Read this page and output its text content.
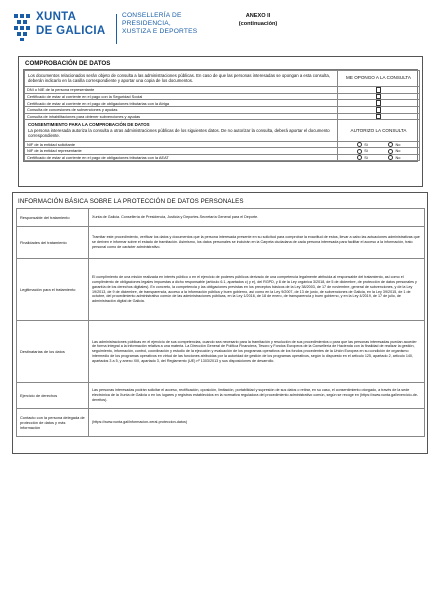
XUNTA
DE GALICIA
CONSELLERÍA DE
PRESIDENCIA,
XUSTIZA E DEPORTES
ANEXO II
(continuación)
COMPROBACIÓN DE DATOS
Los documentos relacionados serán objeto de consulta a las administraciones públicas. En caso de que las personas interesadas se opongan a esta consulta, deberán indicarlo en la casilla correspondiente y aportar una copia de los documentos.	ME OPONGO A LA CONSULTA
DNI o NIE de la persona representante	
Certificado de estar al corriente en el pago con la Seguridad Social	
Certificado de estar al corriente en el pago de obligaciones tributarias con la Atriga	
Consulta de concesiones de subvenciones y ayudas	
Consulta de inhabilitaciones para obtener subvenciones y ayudas	

CONSENTIMIENTO PARA LA COMPROBACIÓN DE DATOS
La persona interesada autoriza la consulta a otras administraciones públicas de los siguientes datos. De no autorizar la consulta, deberá aportar el documento correspondiente.	AUTORIZO LA CONSULTA
NIF de la entidad solicitante	Sí No
NIF de la entidad representante	Sí No
Certificado de estar al corriente en el pago de obligaciones tributarias con la AEAT	Sí No
INFORMACIÓN BÁSICA SOBRE LA PROTECCIÓN DE DATOS PERSONALES
Responsable del tratamiento	Xunta de Galicia. Consellería de Presidencia, Justicia y Deportes-Secretaría General para el Deporte.
Finalidades del tratamiento	Tramitar este procedimiento, verificar los datos y documentos que la persona interesada presente en su solicitud para comprobar la exactitud de estos, llevar a cabo las actuaciones administrativas que se deriven e informar sobre el estado de tramitación. Asimismo, los datos personales se incluirán en la Carpeta ciudadana de cada persona interesada para facilitar el acceso a la información, trato personal como de carácter administrativo.
Legitimación para el tratamiento	El cumplimiento de una misión realizada en interés público o en el ejercicio de poderes públicos derivado de una competencia legalmente atribuida al responsable del tratamiento, así como el cumplimiento de obligaciones legales impuestas a dicho responsable (artículo 6.1, apartados c) y e), del RGPD, y 8 de la Ley orgánica 3/2018, de 5 de diciembre, de protección de datos personales y garantía de los derechos digitales). En concreto, la competencia y las obligaciones previstas en los preceptos básicos de la Ley 38/2003, de 17 de noviembre, general de subvenciones, y de la Ley 19/2013, de 9 de diciembre, de transparencia, acceso a la información pública y buen gobierno, así como en la Ley 9/2007, de 13 de junio, de subvenciones de Galicia, en la Ley 39/2015, de 1 de octubre, del procedimiento administrativo común de las administraciones públicas, en la Ley 1/2016, de 18 de enero, de transparencia y buen gobierno, y en la Ley 4/2019, de 17 de julio, de administración digital de Galicia.
Destinatarias de los datos	Las administraciones públicas en el ejercicio de sus competencias, cuando sea necesario para la tramitación y resolución de sus procedimientos o para que las personas interesadas puedan acceder de forma integral a la información relativa a una materia. La Dirección General de Política Financiera, Tesoro y Fondos Europeos de la Consellería de Hacienda con la finalidad de realizar la gestión, seguimiento, información, control, coordinación y estudio de la ejecución y evaluación de los programas operativos de los fondos procedentes de la Unión Europea en su condición de organismo intermedio de los programas operativos en virtud de las funciones atribuidas por la autoridad de gestión de los programas operativos, según lo dispuesto en el artículo 125, apartado 2, artículo 140, apartados 3 a 5, y anexo XIII, apartado 3, del Reglamento (UE) nº 1303/2013 y sus disposiciones de desarrollo.
Ejercicio de derechos	Las personas interesadas podrán solicitar el acceso, rectificación, oposición, limitación, portabilidad y supresión de sus datos o retirar, en su caso, el consentimiento otorgado, a través de la sede electrónica de la Xunta de Galicia o en los lugares y registros establecidos en la normativa reguladora del procedimiento administrativo común, según se recoge en (https://www.xunta.gal/exercicio-de-dereitos).
Contacto con la persona delegada de protección de datos y más información	(https://www.xunta.gal/informacion-xeral-proteccion-datos)
